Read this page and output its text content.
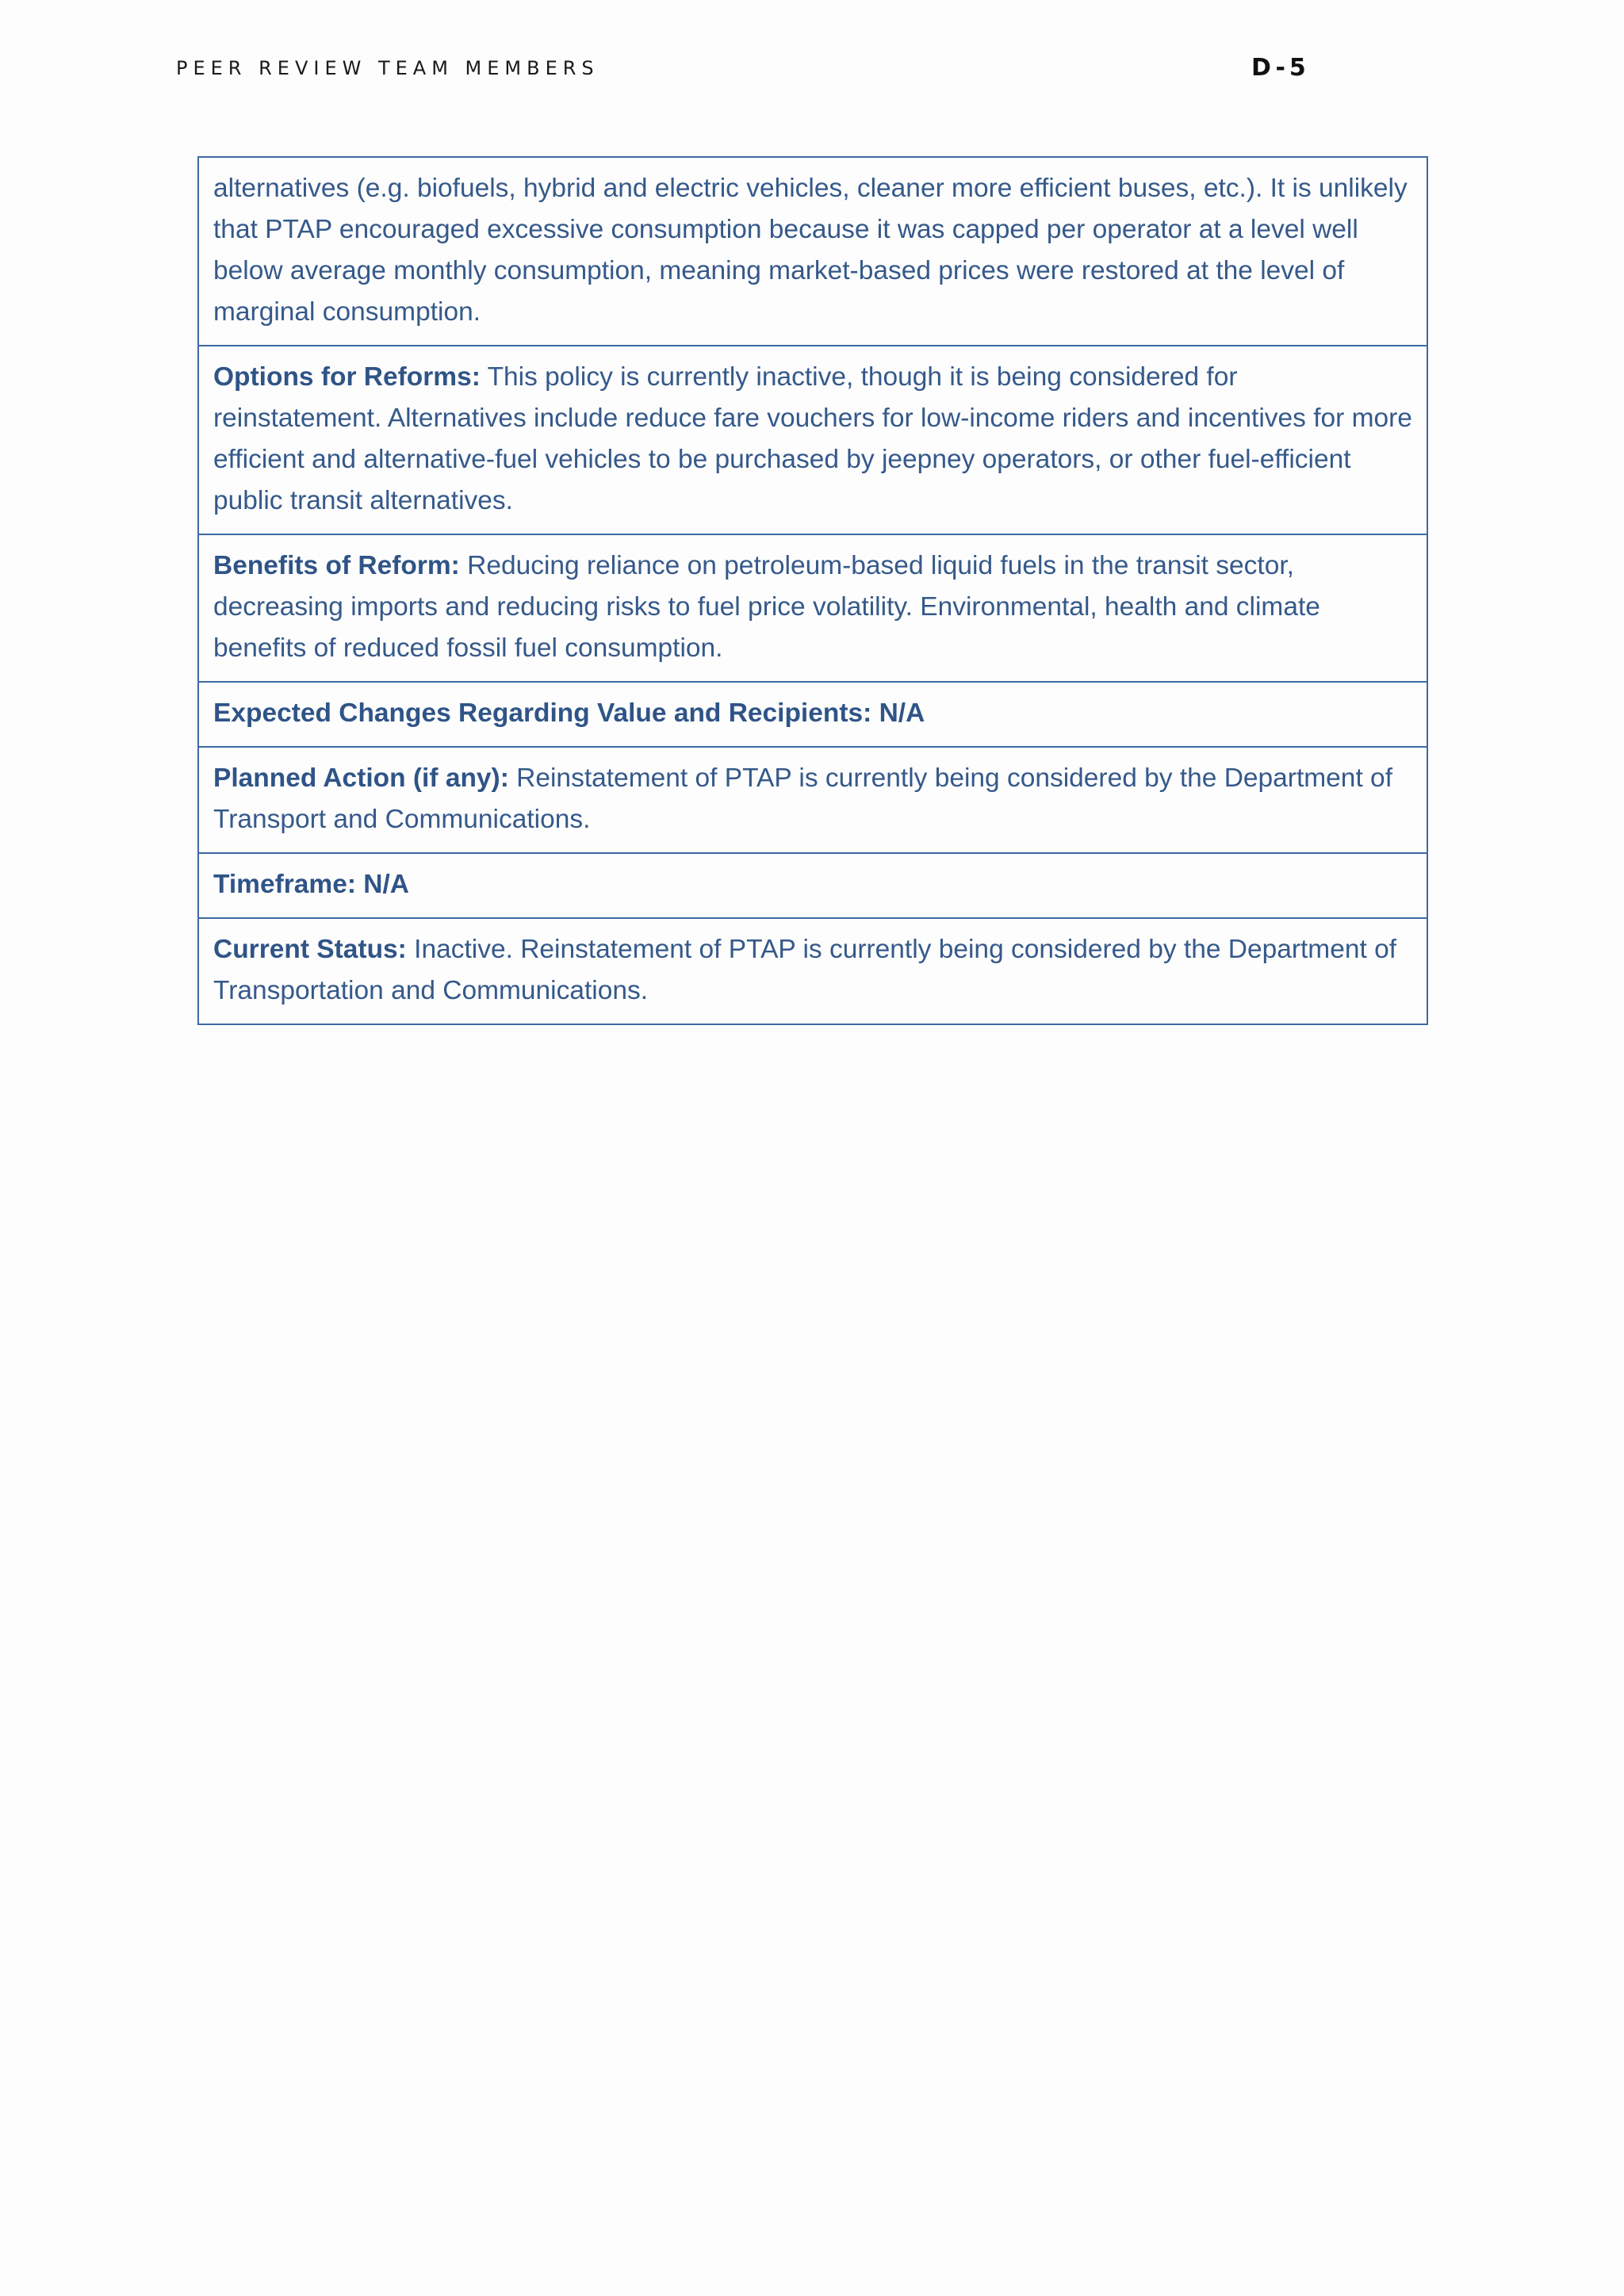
PEER REVIEW TEAM MEMBERS	D-5
alternatives (e.g. biofuels, hybrid and electric vehicles, cleaner more efficient buses, etc.). It is unlikely that PTAP encouraged excessive consumption because it was capped per operator at a level well below average monthly consumption, meaning market-based prices were restored at the level of marginal consumption.
Options for Reforms: This policy is currently inactive, though it is being considered for reinstatement. Alternatives include reduce fare vouchers for low-income riders and incentives for more efficient and alternative-fuel vehicles to be purchased by jeepney operators, or other fuel-efficient public transit alternatives.
Benefits of Reform: Reducing reliance on petroleum-based liquid fuels in the transit sector, decreasing imports and reducing risks to fuel price volatility. Environmental, health and climate benefits of reduced fossil fuel consumption.
Expected Changes Regarding Value and Recipients: N/A
Planned Action (if any): Reinstatement of PTAP is currently being considered by the Department of Transport and Communications.
Timeframe: N/A
Current Status: Inactive. Reinstatement of PTAP is currently being considered by the Department of Transportation and Communications.
